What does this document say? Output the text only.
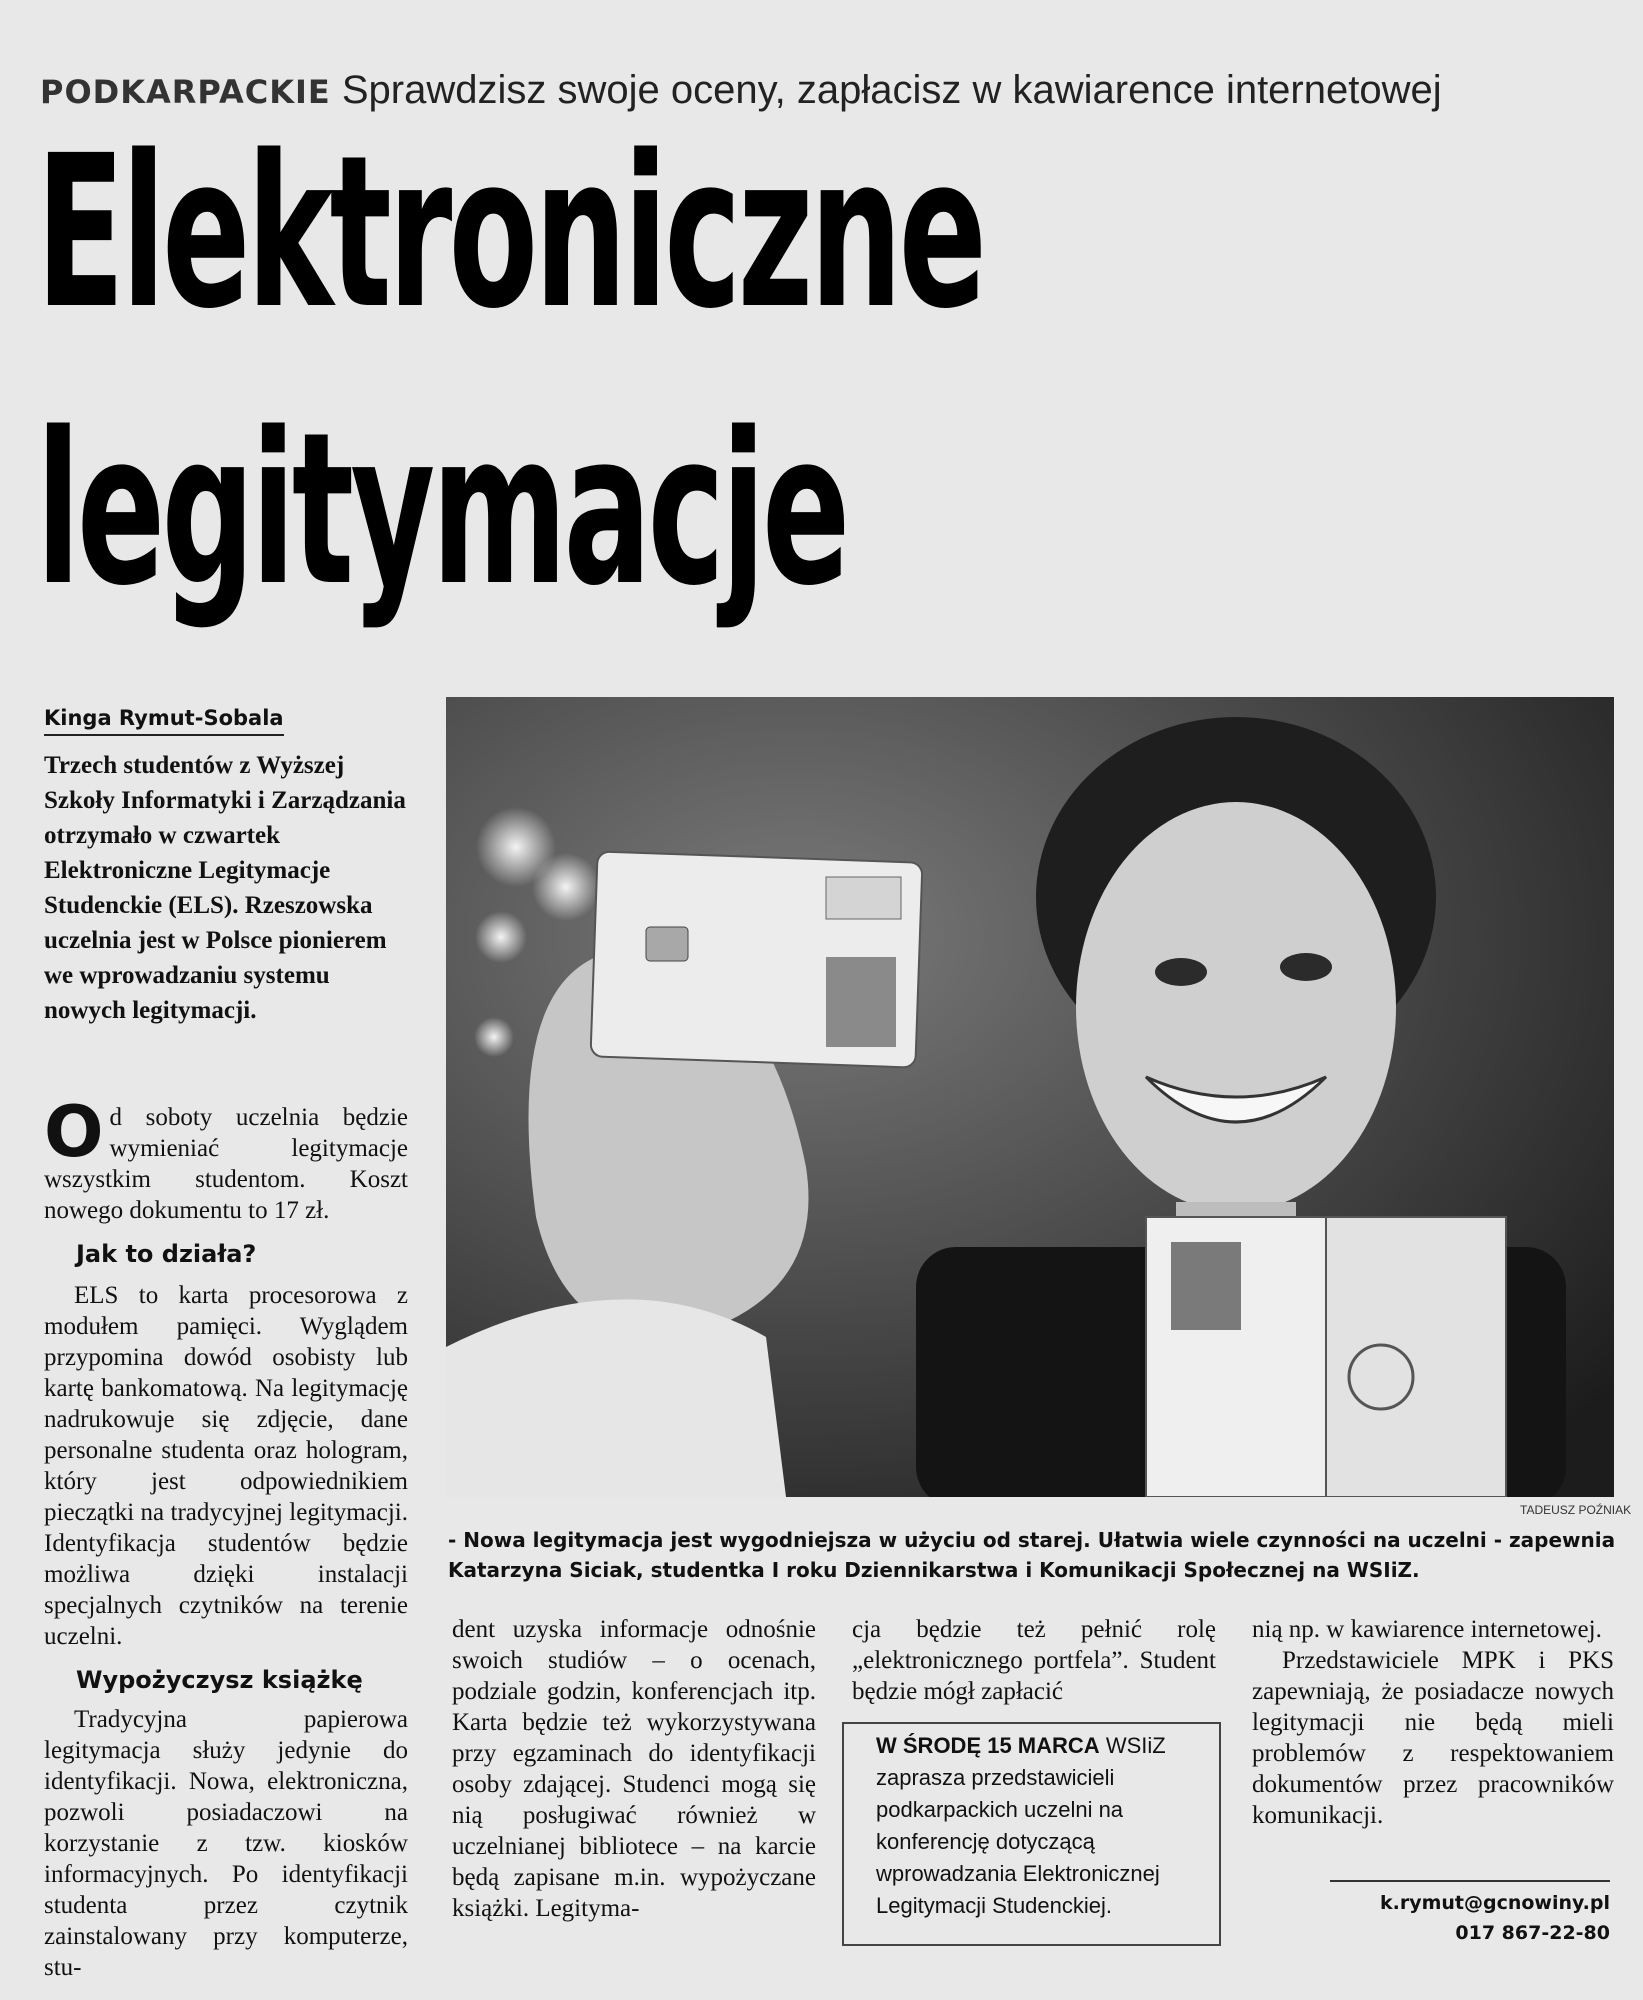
PODKARPACKIE Sprawdzisz swoje oceny, zapłacisz w kawiarence internetowej
Elektroniczne
legitymacje
Kinga Rymut-Sobala
Trzech studentów z Wyższej Szkoły Informatyki i Zarządzania otrzymało w czwartek Elektroniczne Legitymacje Studenckie (ELS). Rzeszowska uczelnia jest w Polsce pionierem we wprowadzaniu systemu nowych legitymacji.
Od soboty uczelnia będzie wymieniać legitymacje wszystkim studentom. Koszt nowego dokumentu to 17 zł.
Jak to działa?
ELS to karta procesorowa z modułem pamięci. Wyglądem przypomina dowód osobisty lub kartę bankomatową. Na legitymację nadrukowuje się zdjęcie, dane personalne studenta oraz hologram, który jest odpowiednikiem pieczątki na tradycyjnej legitymacji. Identyfikacja studentów będzie możliwa dzięki instalacji specjalnych czytników na terenie uczelni.
Wypożyczysz książkę
Tradycyjna papierowa legitymacja służy jedynie do identyfikacji. Nowa, elektroniczna, pozwoli posiadaczowi na korzystanie z tzw. kiosków informacyjnych. Po identyfikacji studenta przez czytnik zainstalowany przy komputerze, stu-
TADEUSZ POŹNIAK
- Nowa legitymacja jest wygodniejsza w użyciu od starej. Ułatwia wiele czynności na uczelni - zapewnia Katarzyna Siciak, studentka I roku Dziennikarstwa i Komunikacji Społecznej na WSIiZ.
dent uzyska informacje odnośnie swoich studiów – o ocenach, podziale godzin, konferencjach itp. Karta będzie też wykorzystywana przy egzaminach do identyfikacji osoby zdającej. Studenci mogą się nią posługiwać również w uczelnianej bibliotece – na karcie będą zapisane m.in. wypożyczane książki. Legityma-
cja będzie też pełnić rolę „elektronicznego portfela”. Student będzie mógł zapłacić
W ŚRODĘ 15 MARCA WSIiZ zaprasza przedstawicieli podkarpackich uczelni na konferencję dotyczącą wprowadzania Elektronicznej Legitymacji Studenckiej.
nią np. w kawiarence internetowej.
Przedstawiciele MPK i PKS zapewniają, że posiadacze nowych legitymacji nie będą mieli problemów z respektowaniem dokumentów przez pracowników komunikacji.
k.rymut@gcnowiny.pl
017 867-22-80
